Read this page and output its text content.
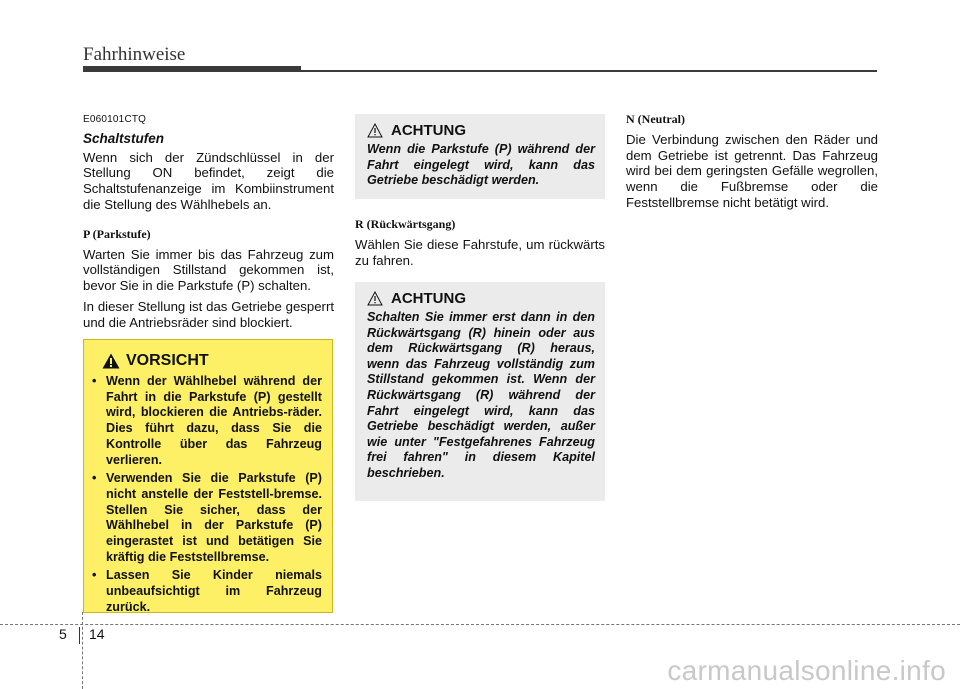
Fahrhinweise
E060101CTQ
Schaltstufen

Wenn sich der Zündschlüssel in der Stellung ON befindet, zeigt die Schaltstufenanzeige im Kombiinstrument die Stellung des Wählhebels an.

P (Parkstufe)

Warten Sie immer bis das Fahrzeug zum vollständigen Stillstand gekommen ist, bevor Sie in die Parkstufe (P) schalten.

In dieser Stellung ist das Getriebe gesperrt und die Antriebsräder sind blockiert.

VORSICHT
• Wenn der Wählhebel während der Fahrt in die Parkstufe (P) gestellt wird, blockieren die Antriebs-räder. Dies führt dazu, dass Sie die Kontrolle über das Fahrzeug verlieren.
• Verwenden Sie die Parkstufe (P) nicht anstelle der Feststell-bremse. Stellen Sie sicher, dass der Wählhebel in der Parkstufe (P) eingerastet ist und betätigen Sie kräftig die Feststellbremse.
• Lassen Sie Kinder niemals unbeaufsichtigt im Fahrzeug zurück.
ACHTUNG
Wenn die Parkstufe (P) während der Fahrt eingelegt wird, kann das Getriebe beschädigt werden.
R (Rückwärtsgang)

Wählen Sie diese Fahrstufe, um rückwärts zu fahren.

ACHTUNG
Schalten Sie immer erst dann in den Rückwärtsgang (R) hinein oder aus dem Rückwärtsgang (R) heraus, wenn das Fahrzeug vollständig zum Stillstand gekommen ist. Wenn der Rückwärtsgang (R) während der Fahrt eingelegt wird, kann das Getriebe beschädigt werden, außer wie unter "Festgefahrenes Fahrzeug frei fahren" in diesem Kapitel beschrieben.
N (Neutral)

Die Verbindung zwischen den Räder und dem Getriebe ist getrennt. Das Fahrzeug wird bei dem geringsten Gefälle wegrollen, wenn die Fußbremse oder die Feststellbremse nicht betätigt wird.

5 14
carmanualsonline.info
